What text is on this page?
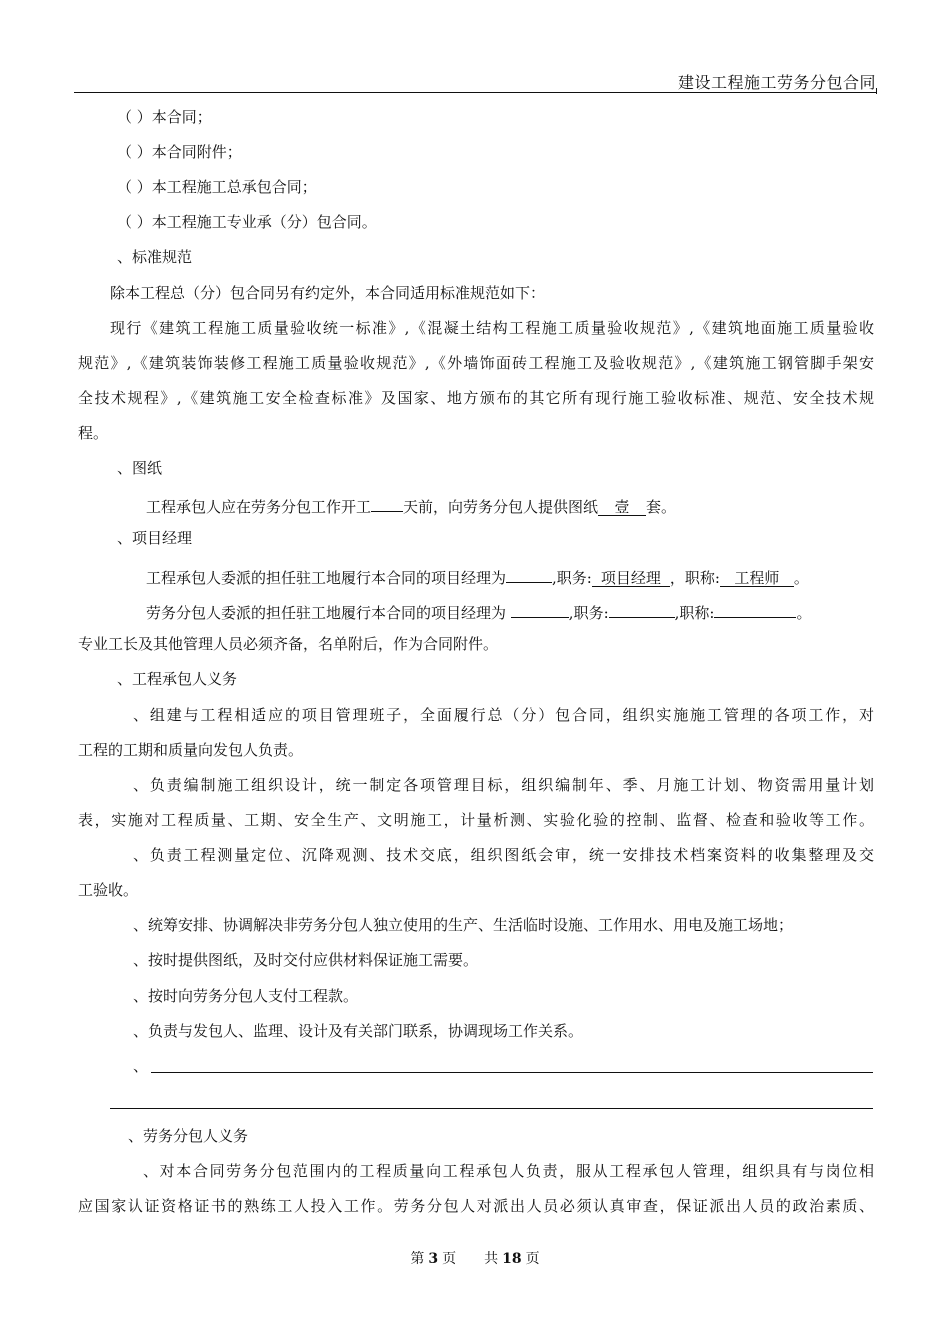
建设工程施工劳务分包合同
（ ）本合同；
（ ）本合同附件；
（ ）本工程施工总承包合同；
（ ）本工程施工专业承（分）包合同。
、标准规范
除本工程总（分）包合同另有约定外，本合同适用标准规范如下：
现行《建筑工程施工质量验收统一标准》,《混凝土结构工程施工质量验收规范》,《建筑地面施工质量验收
规范》,《建筑装饰装修工程施工质量验收规范》,《外墙饰面砖工程施工及验收规范》,《建筑施工钢管脚手架安
全技术规程》,《建筑施工安全检查标准》及国家、地方颁布的其它所有现行施工验收标准、规范、安全技术规
程。
、图纸
工程承包人应在劳务分包工作开工 天前，向劳务分包人提供图纸 壹 套。
、项目经理
工程承包人委派的担任驻工地履行本合同的项目经理为	,职务: 项目经理 ，职称: 工程师 。
劳务分包人委派的担任驻工地履行本合同的项目经理为	,职务:	,职称:	。
专业工长及其他管理人员必须齐备，名单附后，作为合同附件。
、工程承包人义务
、组建与工程相适应的项目管理班子，全面履行总（分）包合同，组织实施施工管理的各项工作，对
工程的工期和质量向发包人负责。
、负责编制施工组织设计，统一制定各项管理目标，组织编制年、季、月施工计划、物资需用量计划
表，实施对工程质量、工期、安全生产、文明施工，计量析测、实验化验的控制、监督、检查和验收等工作。
、负责工程测量定位、沉降观测、技术交底，组织图纸会审，统一安排技术档案资料的收集整理及交
工验收。
、统筹安排、协调解决非劳务分包人独立使用的生产、生活临时设施、工作用水、用电及施工场地；
、按时提供图纸，及时交付应供材料保证施工需要。
、按时向劳务分包人支付工程款。
、负责与发包人、监理、设计及有关部门联系，协调现场工作关系。
、
、劳务分包人义务
、对本合同劳务分包范围内的工程质量向工程承包人负责，服从工程承包人管理，组织具有与岗位相
应国家认证资格证书的熟练工人投入工作。劳务分包人对派出人员必须认真审查，保证派出人员的政治素质、
第 3 页　　共 18 页
